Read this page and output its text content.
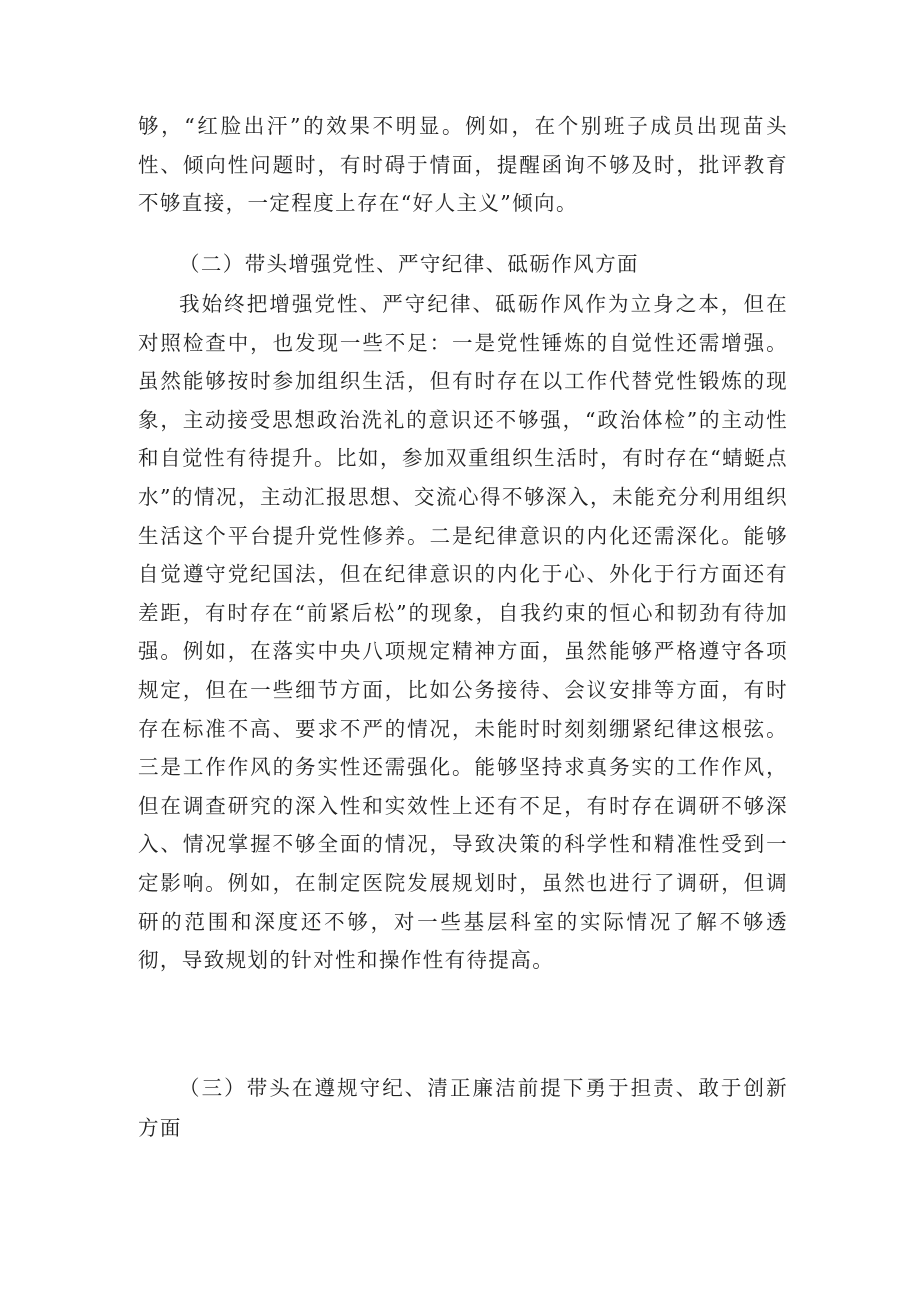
够，“红脸出汗”的效果不明显。例如，在个别班子成员出现苗头性、倾向性问题时，有时碍于情面，提醒函询不够及时，批评教育不够直接，一定程度上存在“好人主义”倾向。

（二）带头增强党性、严守纪律、砥砺作风方面

我始终把增强党性、严守纪律、砥砺作风作为立身之本，但在对照检查中，也发现一些不足：一是党性锤炼的自觉性还需增强。虽然能够按时参加组织生活，但有时存在以工作代替党性锻炼的现象，主动接受思想政治洗礼的意识还不够强，“政治体检”的主动性和自觉性有待提升。比如，参加双重组织生活时，有时存在“蜻蜓点水”的情况，主动汇报思想、交流心得不够深入，未能充分利用组织生活这个平台提升党性修养。二是纪律意识的内化还需深化。能够自觉遵守党纪国法，但在纪律意识的内化于心、外化于行方面还有差距，有时存在“前紧后松”的现象，自我约束的恒心和韧劲有待加强。例如，在落实中央八项规定精神方面，虽然能够严格遵守各项规定，但在一些细节方面，比如公务接待、会议安排等方面，有时存在标准不高、要求不严的情况，未能时时刻刻绷紧纪律这根弦。三是工作作风的务实性还需强化。能够坚持求真务实的工作作风，但在调查研究的深入性和实效性上还有不足，有时存在调研不够深入、情况掌握不够全面的情况，导致决策的科学性和精准性受到一定影响。例如，在制定医院发展规划时，虽然也进行了调研，但调研的范围和深度还不够，对一些基层科室的实际情况了解不够透彻，导致规划的针对性和操作性有待提高。

（三）带头在遵规守纪、清正廉洁前提下勇于担责、敢于创新方面
